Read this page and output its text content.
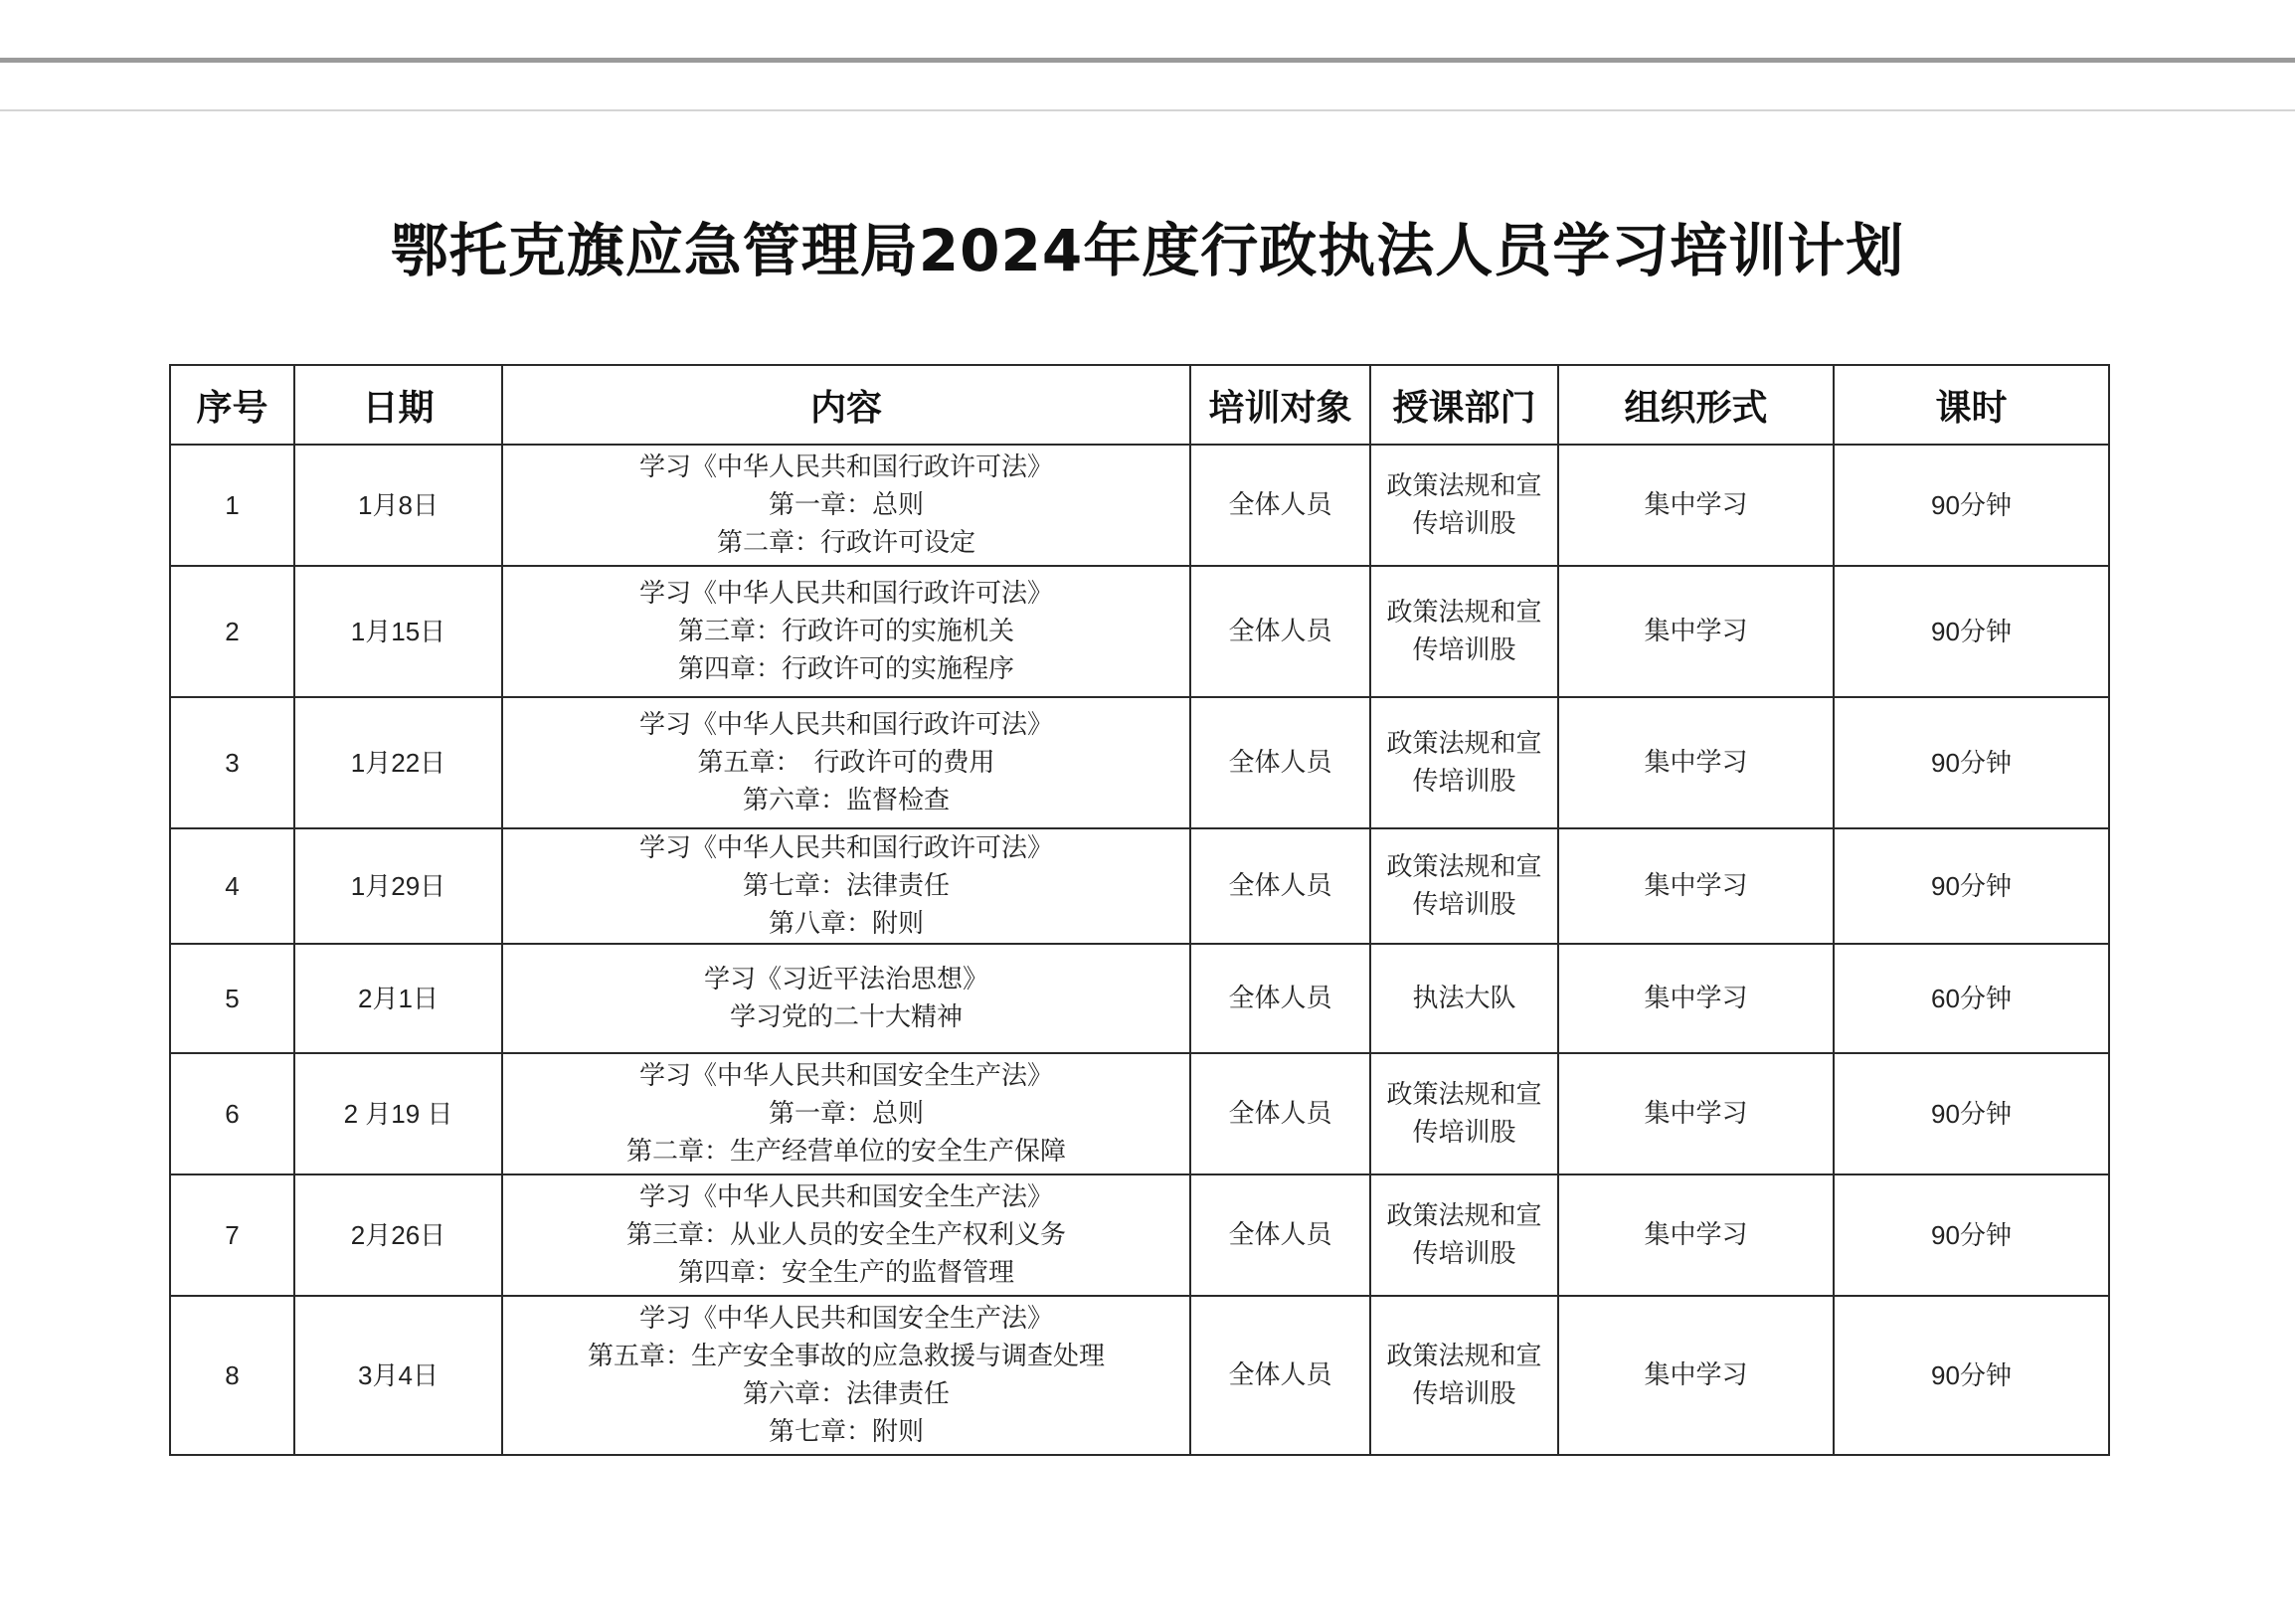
鄂托克旗应急管理局2024年度行政执法人员学习培训计划
序号	日期	内容	培训对象	授课部门	组织形式	课时
1	1月8日	学习《中华人民共和国行政许可法》
第一章：总则
第二章：行政许可设定	全体人员	政策法规和宣
传培训股	集中学习	90分钟
2	1月15日	学习《中华人民共和国行政许可法》
第三章：行政许可的实施机关
第四章：行政许可的实施程序	全体人员	政策法规和宣
传培训股	集中学习	90分钟
3	1月22日	学习《中华人民共和国行政许可法》
第五章：　行政许可的费用
第六章：监督检查	全体人员	政策法规和宣
传培训股	集中学习	90分钟
4	1月29日	学习《中华人民共和国行政许可法》
第七章：法律责任
第八章：附则	全体人员	政策法规和宣
传培训股	集中学习	90分钟
5	2月1日	学习《习近平法治思想》
学习党的二十大精神	全体人员	执法大队	集中学习	60分钟
6	2 月19 日	学习《中华人民共和国安全生产法》
第一章：总则
第二章：生产经营单位的安全生产保障	全体人员	政策法规和宣
传培训股	集中学习	90分钟
7	2月26日	学习《中华人民共和国安全生产法》
第三章：从业人员的安全生产权利义务
第四章：安全生产的监督管理	全体人员	政策法规和宣
传培训股	集中学习	90分钟
8	3月4日	学习《中华人民共和国安全生产法》
第五章：生产安全事故的应急救援与调查处理
第六章：法律责任
第七章：附则	全体人员	政策法规和宣
传培训股	集中学习	90分钟
